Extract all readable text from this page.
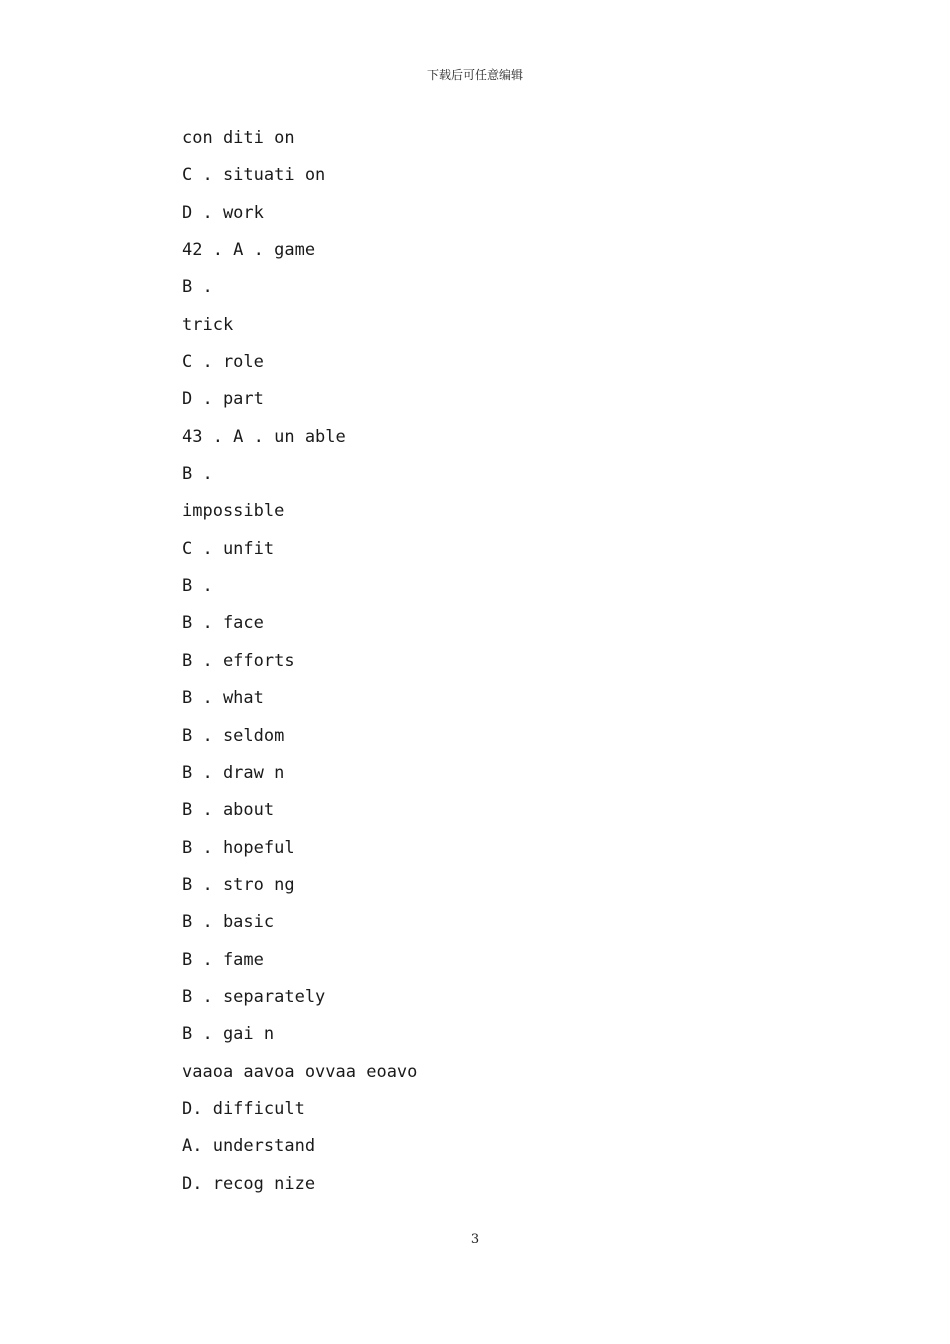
下载后可任意编辑
con diti on
C . situati on
D . work
42 . A . game
B .
trick
C . role
D . part
43 . A . un able
B .
impossible
C . unfit
B .
B . face
B . efforts
B . what
B . seldom
B . draw n
B . about
B . hopeful
B . stro ng
B . basic
B . fame
B . separately
B . gai n
vaaoa aavoa ovvaa eoavo
D. difficult
A. understand
D. recog nize
3
